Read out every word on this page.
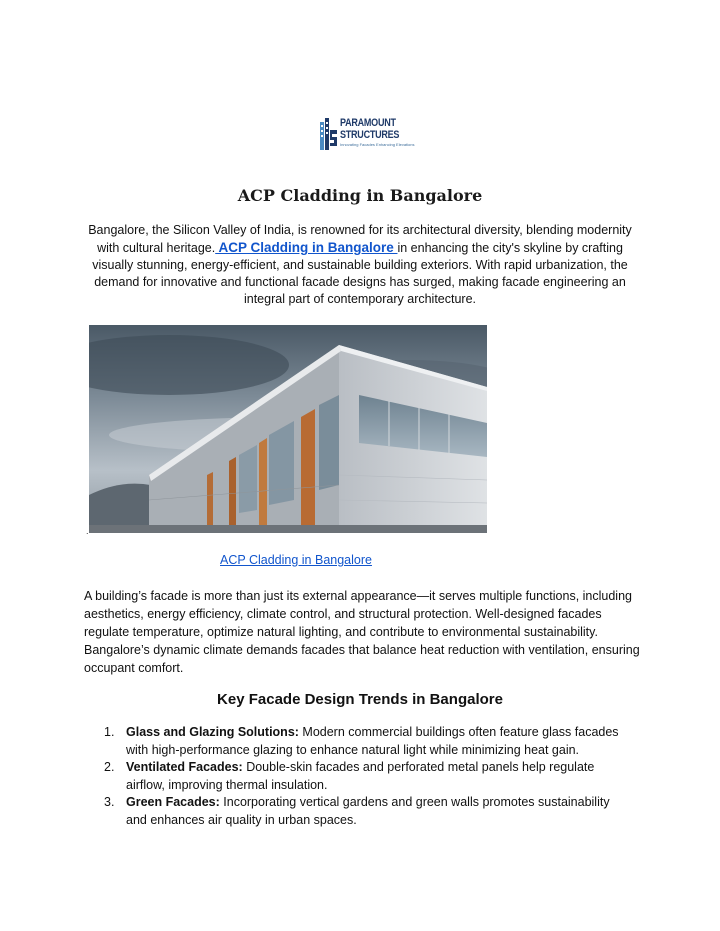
PARAMOUNT
STRUCTURES
Innovating Facades Enhancing Elevations
ACP Cladding in Bangalore

Bangalore, the Silicon Valley of India, is renowned for its architectural diversity, blending modernity with cultural heritage. ACP Cladding in Bangalore in enhancing the city's skyline by crafting visually stunning, energy-efficient, and sustainable building exteriors. With rapid urbanization, the demand for innovative and functional facade designs has surged, making facade engineering an integral part of contemporary architecture.

.
ACP Cladding in Bangalore

A building’s facade is more than just its external appearance—it serves multiple functions, including aesthetics, energy efficiency, climate control, and structural protection. Well-designed facades regulate temperature, optimize natural lighting, and contribute to environmental sustainability. Bangalore’s dynamic climate demands facades that balance heat reduction with ventilation, ensuring occupant comfort.

Key Facade Design Trends in Bangalore
1. Glass and Glazing Solutions: Modern commercial buildings often feature glass facades with high-performance glazing to enhance natural light while minimizing heat gain.
2. Ventilated Facades: Double-skin facades and perforated metal panels help regulate airflow, improving thermal insulation.
3. Green Facades: Incorporating vertical gardens and green walls promotes sustainability and enhances air quality in urban spaces.
